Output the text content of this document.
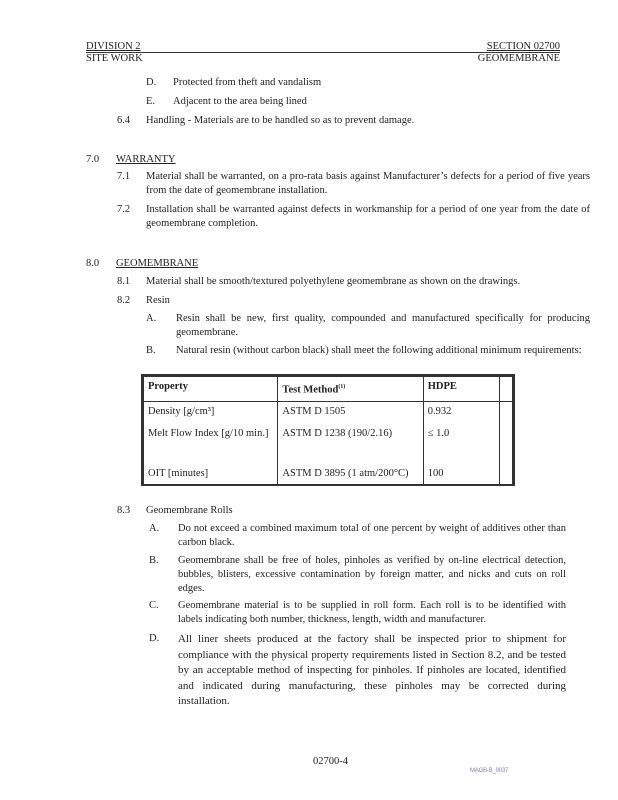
DIVISION 2
SITE WORK
SECTION 02700
GEOMEMBRANE
D. Protected from theft and vandalism
E. Adjacent to the area being lined
6.4 Handling - Materials are to be handled so as to prevent damage.
7.0 WARRANTY
7.1 Material shall be warranted, on a pro-rata basis against Manufacturer’s defects for a period of five years from the date of geomembrane installation.
7.2 Installation shall be warranted against defects in workmanship for a period of one year from the date of geomembrane completion.
8.0 GEOMEMBRANE
8.1 Material shall be smooth/textured polyethylene geomembrane as shown on the drawings.
8.2 Resin
A. Resin shall be new, first quality, compounded and manufactured specifically for producing geomembrane.
B. Natural resin (without carbon black) shall meet the following additional minimum requirements:
Property	Test Method$^{(1)}$	HDPE	
Density [g/cm³]	ASTM D 1505	0.932	
Melt Flow Index [g/10 min.]	ASTM D 1238 (190/2.16)	≤ 1.0	
OIT [minutes]	ASTM D 3895 (1 atm/200°C)	100	
8.3 Geomembrane Rolls
A. Do not exceed a combined maximum total of one percent by weight of additives other than carbon black.
B. Geomembrane shall be free of holes, pinholes as verified by on-line electrical detection, bubbles, blisters, excessive contamination by foreign matter, and nicks and cuts on roll edges.
C. Geomembrane material is to be supplied in roll form. Each roll is to be identified with labels indicating both number, thickness, length, width and manufacturer.
D. All liner sheets produced at the factory shall be inspected prior to shipment for compliance with the physical property requirements listed in Section 8.2, and be tested by an acceptable method of inspecting for pinholes. If pinholes are located, identified and indicated during manufacturing, these pinholes may be corrected during installation.
02700-4
MAGB-B_0037
